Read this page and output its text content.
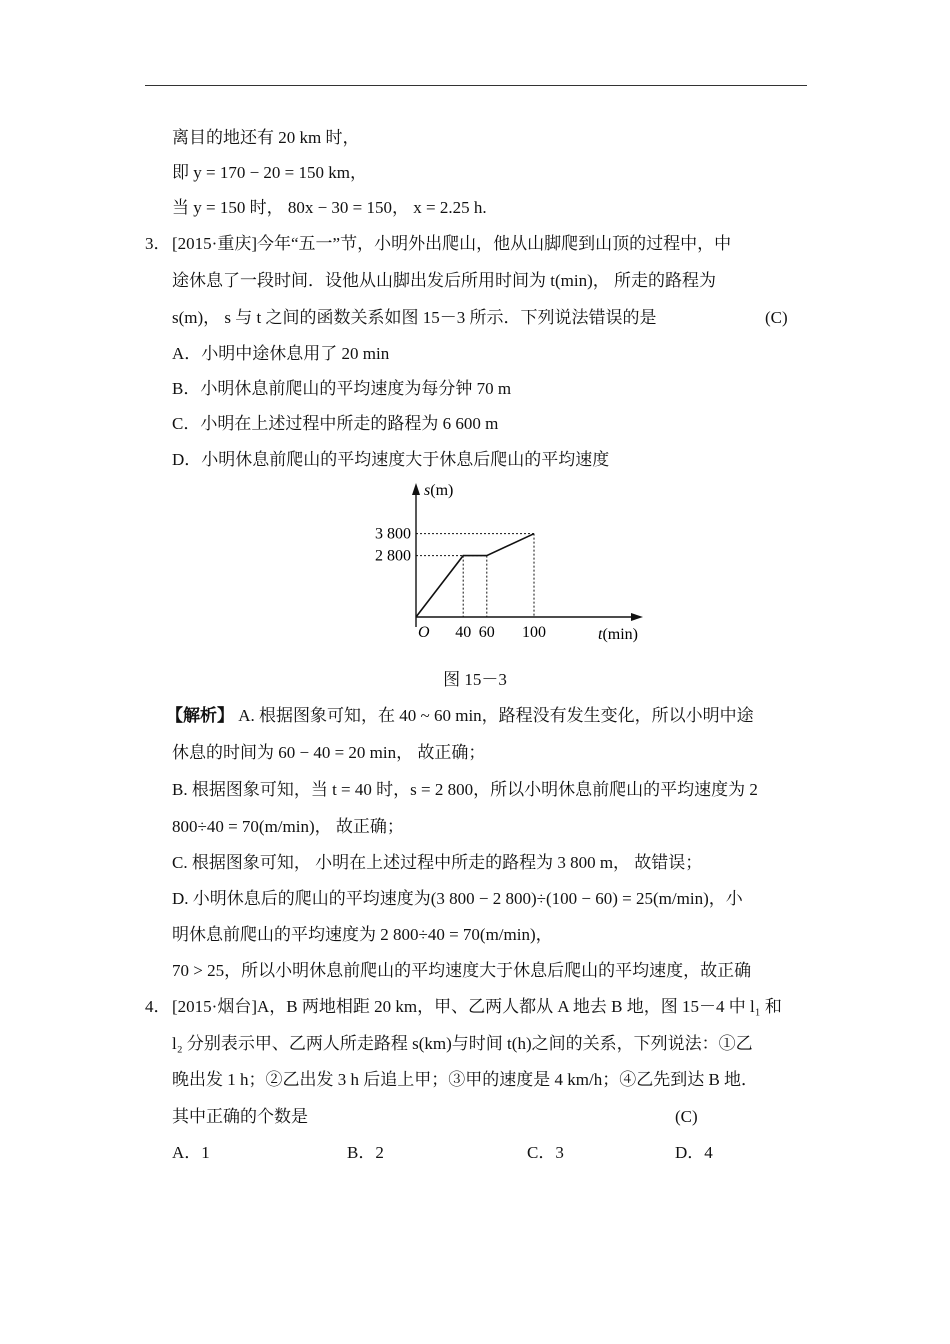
离目的地还有 20 km 时，
即 y = 170 − 20 = 150 km，
当 y = 150 时， 80x − 30 = 150， x = 2.25 h.
3． [2015·重庆]今年“五一”节，小明外出爬山，他从山脚爬到山顶的过程中，中
途休息了一段时间．设他从山脚出发后所用时间为 t(min)， 所走的路程为
s(m)， s 与 t 之间的函数关系如图 15－3 所示．下列说法错误的是	(C)
A．小明中途休息用了 20 min
B．小明休息前爬山的平均速度为每分钟 70 m
C．小明在上述过程中所走的路程为 6 600 m
D．小明休息前爬山的平均速度大于休息后爬山的平均速度
40 60 100
2 800
3 800
O	t(min)
s(m)
图 15－3
【解析】 A. 根据图象可知，在 40 ~ 60 min，路程没有发生变化，所以小明中途
休息的时间为 60 − 40 = 20 min， 故正确；
B. 根据图象可知，当 t = 40 时，s = 2 800，所以小明休息前爬山的平均速度为 2
800÷40 = 70(m/min)， 故正确；
C. 根据图象可知， 小明在上述过程中所走的路程为 3 800 m， 故错误；
D. 小明休息后的爬山的平均速度为(3 800 − 2 800)÷(100 − 60) = 25(m/min)，小
明休息前爬山的平均速度为 2 800÷40 = 70(m/min)，
70 > 25，所以小明休息前爬山的平均速度大于休息后爬山的平均速度，故正确
4． [2015·烟台]A，B 两地相距 20 km，甲、乙两人都从 A 地去 B 地，图 15－4 中 l₁ 和
l₂ 分别表示甲、乙两人所走路程 s(km)与时间 t(h)之间的关系，下列说法：①乙
晚出发 1 h；②乙出发 3 h 后追上甲；③甲的速度是 4 km/h；④乙先到达 B 地．
其中正确的个数是	(C)
A．1	B．2	C．3	D．4
